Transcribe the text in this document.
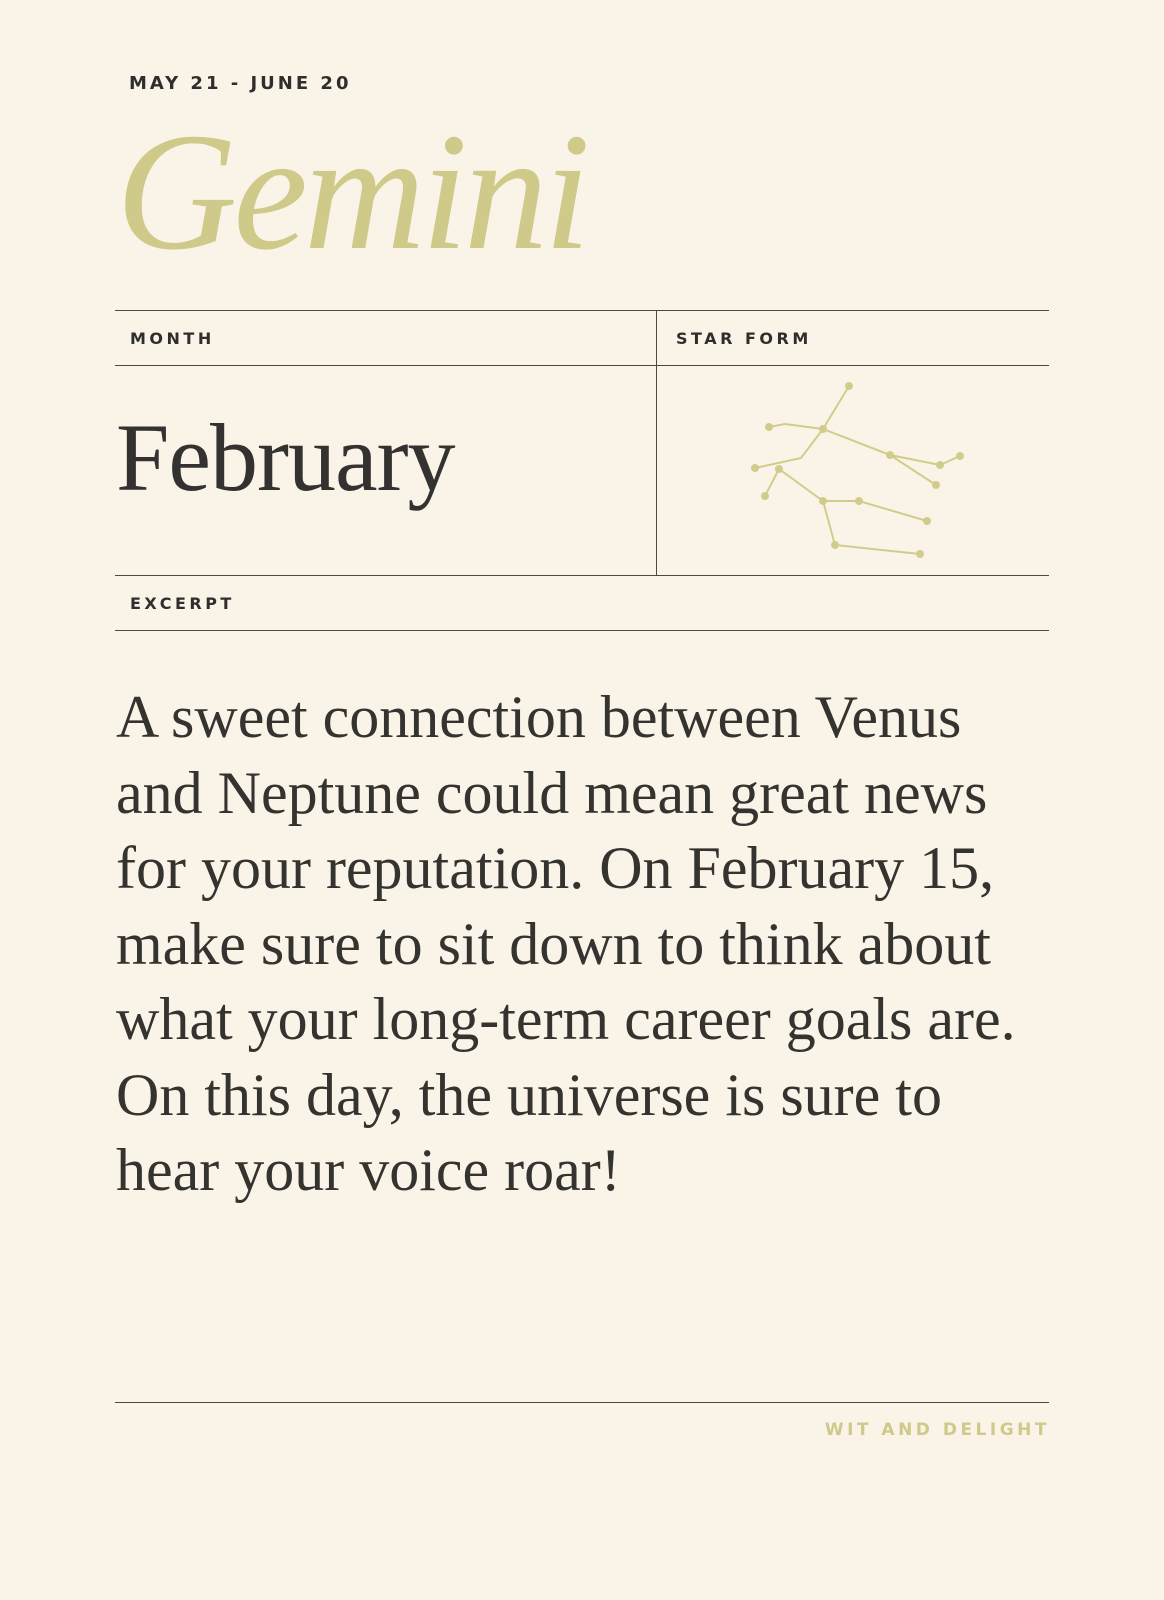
MAY 21 - JUNE 20
Gemini
MONTH	STAR FORM
February
EXCERPT

A sweet connection between Venus and Neptune could mean great news for your reputation. On February 15, make sure to sit down to think about what your long-term career goals are. On this day, the universe is sure to hear your voice roar!

WIT AND DELIGHT
